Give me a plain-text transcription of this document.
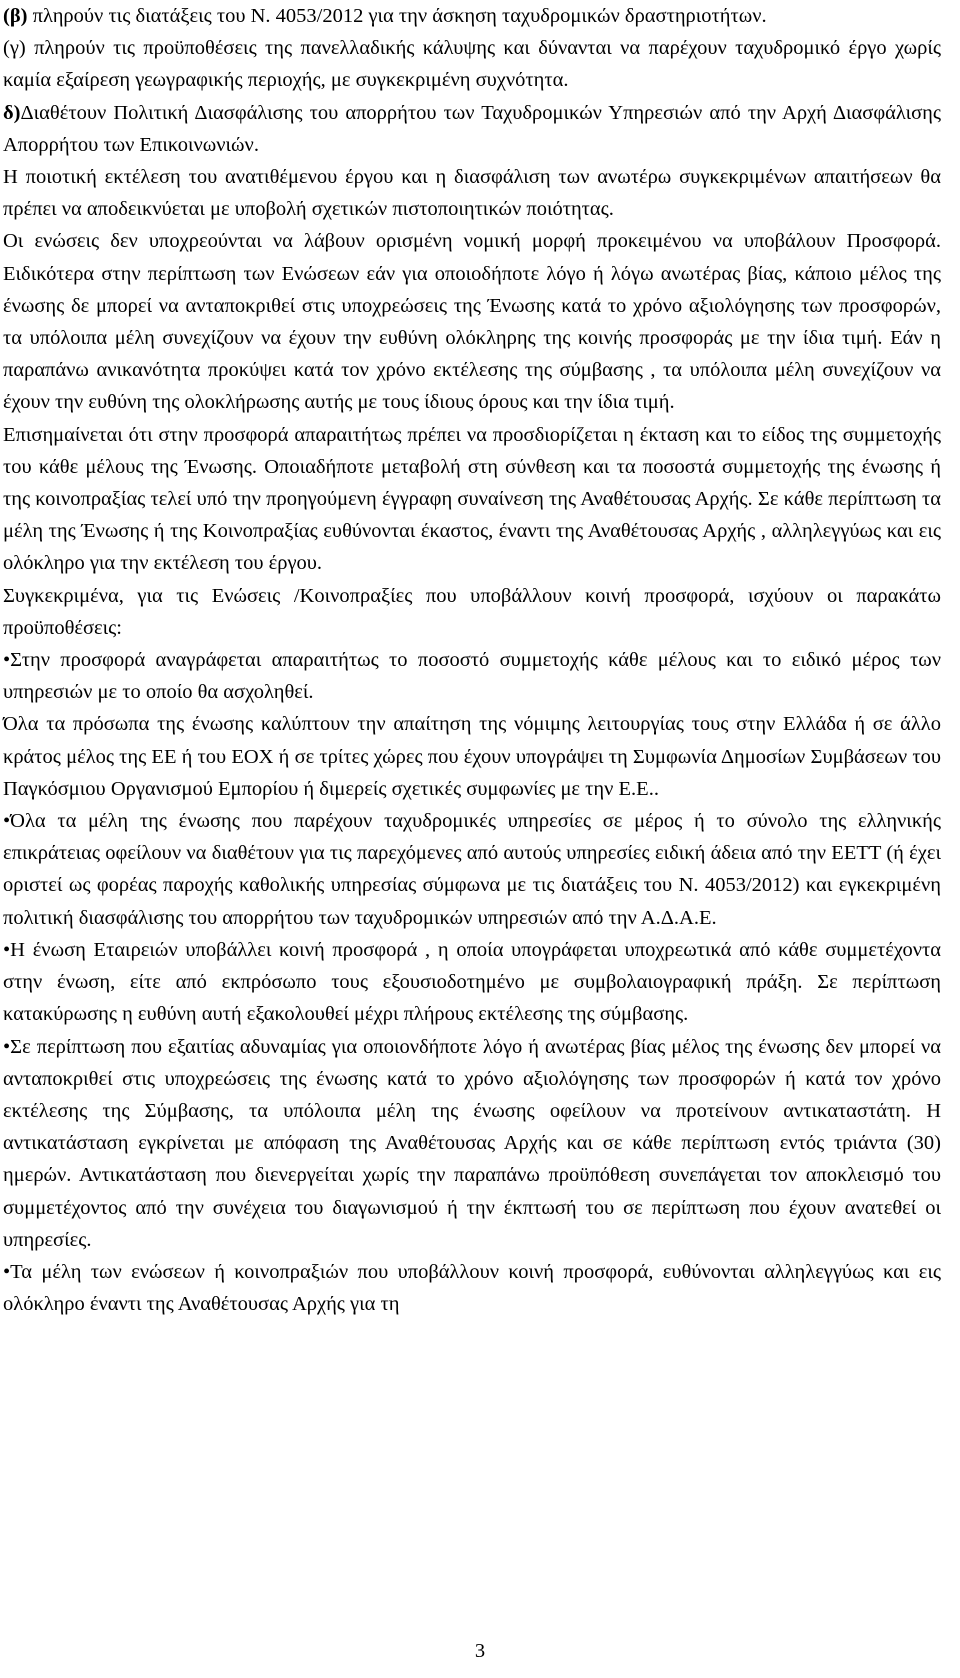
(β) πληρούν τις διατάξεις του Ν. 4053/2012 για την άσκηση ταχυδρομικών δραστηριοτήτων.

(γ) πληρούν τις προϋποθέσεις της πανελλαδικής κάλυψης και δύνανται να παρέχουν ταχυδρομικό έργο χωρίς καμία εξαίρεση γεωγραφικής περιοχής, με συγκεκριμένη συχνότητα.

δ)Διαθέτουν Πολιτική Διασφάλισης του απορρήτου των Ταχυδρομικών Υπηρεσιών από την Αρχή Διασφάλισης Απορρήτου των Επικοινωνιών.

Η ποιοτική εκτέλεση του ανατιθέμενου έργου και η διασφάλιση των ανωτέρω συγκεκριμένων απαιτήσεων θα πρέπει να αποδεικνύεται με υποβολή σχετικών πιστοποιητικών ποιότητας.

Οι ενώσεις δεν υποχρεούνται να λάβουν ορισμένη νομική μορφή προκειμένου να υποβάλουν Προσφορά. Ειδικότερα στην περίπτωση των Ενώσεων εάν για οποιοδήποτε λόγο ή λόγω ανωτέρας βίας, κάποιο μέλος της ένωσης δε μπορεί να ανταποκριθεί στις υποχρεώσεις της Ένωσης κατά το χρόνο αξιολόγησης των προσφορών, τα υπόλοιπα μέλη συνεχίζουν να έχουν την ευθύνη ολόκληρης της κοινής προσφοράς με την ίδια τιμή. Εάν η παραπάνω ανικανότητα προκύψει κατά τον χρόνο εκτέλεσης της σύμβασης , τα υπόλοιπα μέλη συνεχίζουν να έχουν την ευθύνη της ολοκλήρωσης αυτής με τους ίδιους όρους και την ίδια τιμή.

Επισημαίνεται ότι στην προσφορά απαραιτήτως πρέπει να προσδιορίζεται η έκταση και το είδος της συμμετοχής του κάθε μέλους της Ένωσης. Οποιαδήποτε μεταβολή στη σύνθεση και τα ποσοστά συμμετοχής της ένωσης ή της κοινοπραξίας τελεί υπό την προηγούμενη έγγραφη συναίνεση της Αναθέτουσας Αρχής. Σε κάθε περίπτωση τα μέλη της Ένωσης ή της Κοινοπραξίας ευθύνονται έκαστος, έναντι της Αναθέτουσας Αρχής , αλληλεγγύως και εις ολόκληρο για την εκτέλεση του έργου.

Συγκεκριμένα, για τις Ενώσεις /Κοινοπραξίες που υποβάλλουν κοινή προσφορά, ισχύουν οι παρακάτω προϋποθέσεις:

•Στην προσφορά αναγράφεται απαραιτήτως το ποσοστό συμμετοχής κάθε μέλους και το ειδικό μέρος των υπηρεσιών με το οποίο θα ασχοληθεί.

Όλα τα πρόσωπα της ένωσης καλύπτουν την απαίτηση της νόμιμης λειτουργίας τους στην Ελλάδα ή σε άλλο κράτος μέλος της ΕΕ ή του ΕΟΧ ή σε τρίτες χώρες που έχουν υπογράψει τη Συμφωνία Δημοσίων Συμβάσεων του Παγκόσμιου Οργανισμού Εμπορίου ή διμερείς σχετικές συμφωνίες με την Ε.Ε..

•Όλα τα μέλη της ένωσης που παρέχουν ταχυδρομικές υπηρεσίες σε μέρος ή το σύνολο της ελληνικής επικράτειας οφείλουν να διαθέτουν για τις παρεχόμενες από αυτούς υπηρεσίες ειδική άδεια από την ΕΕΤΤ (ή έχει οριστεί ως φορέας παροχής καθολικής υπηρεσίας σύμφωνα με τις διατάξεις του Ν. 4053/2012) και εγκεκριμένη πολιτική διασφάλισης του απορρήτου των ταχυδρομικών υπηρεσιών από την Α.Δ.Α.Ε.

•Η ένωση Εταιρειών υποβάλλει κοινή προσφορά , η οποία υπογράφεται υποχρεωτικά από κάθε συμμετέχοντα στην ένωση, είτε από εκπρόσωπο τους εξουσιοδοτημένο με συμβολαιογραφική πράξη. Σε περίπτωση κατακύρωσης η ευθύνη αυτή εξακολουθεί μέχρι πλήρους εκτέλεσης της σύμβασης.

•Σε περίπτωση που εξαιτίας αδυναμίας για οποιονδήποτε λόγο ή ανωτέρας βίας μέλος της ένωσης δεν μπορεί να ανταποκριθεί στις υποχρεώσεις της ένωσης κατά το χρόνο αξιολόγησης των προσφορών ή κατά τον χρόνο εκτέλεσης της Σύμβασης, τα υπόλοιπα μέλη της ένωσης οφείλουν να προτείνουν αντικαταστάτη. Η αντικατάσταση εγκρίνεται με απόφαση της Αναθέτουσας Αρχής και σε κάθε περίπτωση εντός τριάντα (30) ημερών. Αντικατάσταση που διενεργείται χωρίς την παραπάνω προϋπόθεση συνεπάγεται τον αποκλεισμό του συμμετέχοντος από την συνέχεια του διαγωνισμού ή την έκπτωσή του σε περίπτωση που έχουν ανατεθεί οι υπηρεσίες.

•Τα μέλη των ενώσεων ή κοινοπραξιών που υποβάλλουν κοινή προσφορά, ευθύνονται αλληλεγγύως και εις ολόκληρο έναντι της Αναθέτουσας Αρχής για τη

3
